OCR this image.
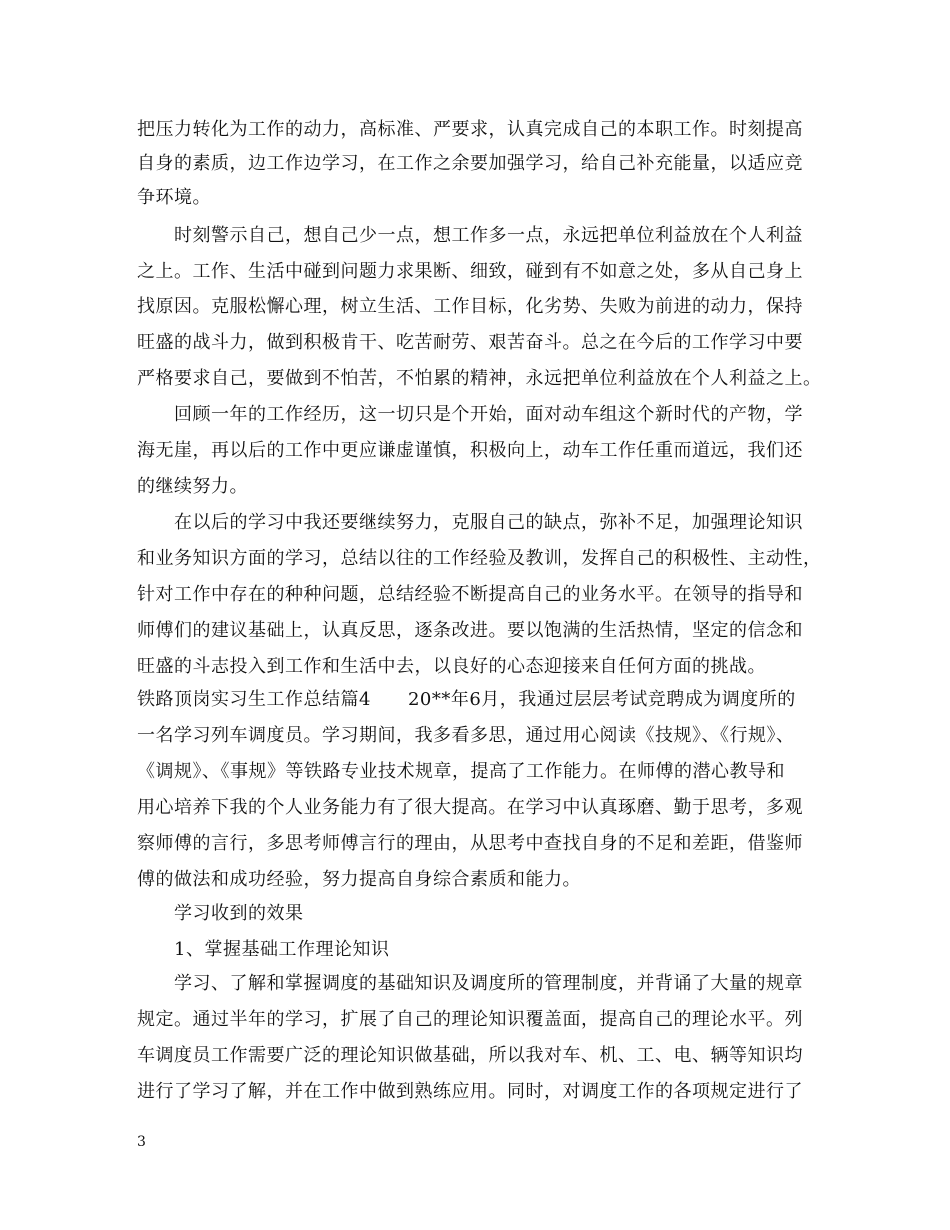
把压力转化为工作的动力，高标准、严要求，认真完成自己的本职工作。时刻提高
自身的素质，边工作边学习，在工作之余要加强学习，给自己补充能量，以适应竞
争环境。
时刻警示自己，想自己少一点，想工作多一点，永远把单位利益放在个人利益
之上。工作、生活中碰到问题力求果断、细致，碰到有不如意之处，多从自己身上
找原因。克服松懈心理，树立生活、工作目标，化劣势、失败为前进的动力，保持
旺盛的战斗力，做到积极肯干、吃苦耐劳、艰苦奋斗。总之在今后的工作学习中要
严格要求自己，要做到不怕苦，不怕累的精神，永远把单位利益放在个人利益之上。
回顾一年的工作经历，这一切只是个开始，面对动车组这个新时代的产物，学
海无崖，再以后的工作中更应谦虚谨慎，积极向上，动车工作任重而道远，我们还
的继续努力。
在以后的学习中我还要继续努力，克服自己的缺点，弥补不足，加强理论知识
和业务知识方面的学习，总结以往的工作经验及教训，发挥自己的积极性、主动性，
针对工作中存在的种种问题，总结经验不断提高自己的业务水平。在领导的指导和
师傅们的建议基础上，认真反思，逐条改进。要以饱满的生活热情，坚定的信念和
旺盛的斗志投入到工作和生活中去，以良好的心态迎接来自任何方面的挑战。
铁路顶岗实习生工作总结篇4　　20**年6月，我通过层层考试竞聘成为调度所的
一名学习列车调度员。学习期间，我多看多思，通过用心阅读《技规》、《行规》、
《调规》、《事规》等铁路专业技术规章，提高了工作能力。在师傅的潜心教导和
用心培养下我的个人业务能力有了很大提高。在学习中认真琢磨、勤于思考，多观
察师傅的言行，多思考师傅言行的理由，从思考中查找自身的不足和差距，借鉴师
傅的做法和成功经验，努力提高自身综合素质和能力。
学习收到的效果
1、掌握基础工作理论知识
学习、了解和掌握调度的基础知识及调度所的管理制度，并背诵了大量的规章
规定。通过半年的学习，扩展了自己的理论知识覆盖面，提高自己的理论水平。列
车调度员工作需要广泛的理论知识做基础，所以我对车、机、工、电、辆等知识均
进行了学习了解，并在工作中做到熟练应用。同时，对调度工作的各项规定进行了
3
